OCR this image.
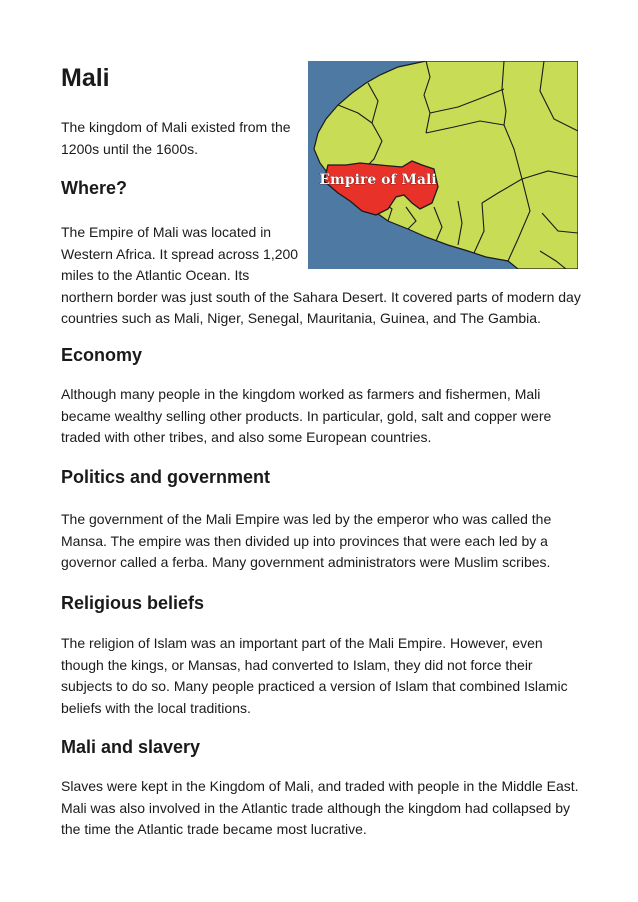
Mali

The kingdom of Mali existed from the
1200s until the 1600s.

Empire of Mali
Where?

The Empire of Mali was located in
Western Africa. It spread across 1,200
miles to the Atlantic Ocean. Its
northern border was just south of the Sahara Desert. It covered parts of modern day
countries such as Mali, Niger, Senegal, Mauritania, Guinea, and The Gambia.

Economy

Although many people in the kingdom worked as farmers and fishermen, Mali
became wealthy selling other products. In particular, gold, salt and copper were
traded with other tribes, and also some European countries.

Politics and government

The government of the Mali Empire was led by the emperor who was called the
Mansa. The empire was then divided up into provinces that were each led by a
governor called a ferba. Many government administrators were Muslim scribes.

Religious beliefs

The religion of Islam was an important part of the Mali Empire. However, even
though the kings, or Mansas, had converted to Islam, they did not force their
subjects to do so. Many people practiced a version of Islam that combined Islamic
beliefs with the local traditions.

Mali and slavery

Slaves were kept in the Kingdom of Mali, and traded with people in the Middle East.
Mali was also involved in the Atlantic trade although the kingdom had collapsed by
the time the Atlantic trade became most lucrative.
